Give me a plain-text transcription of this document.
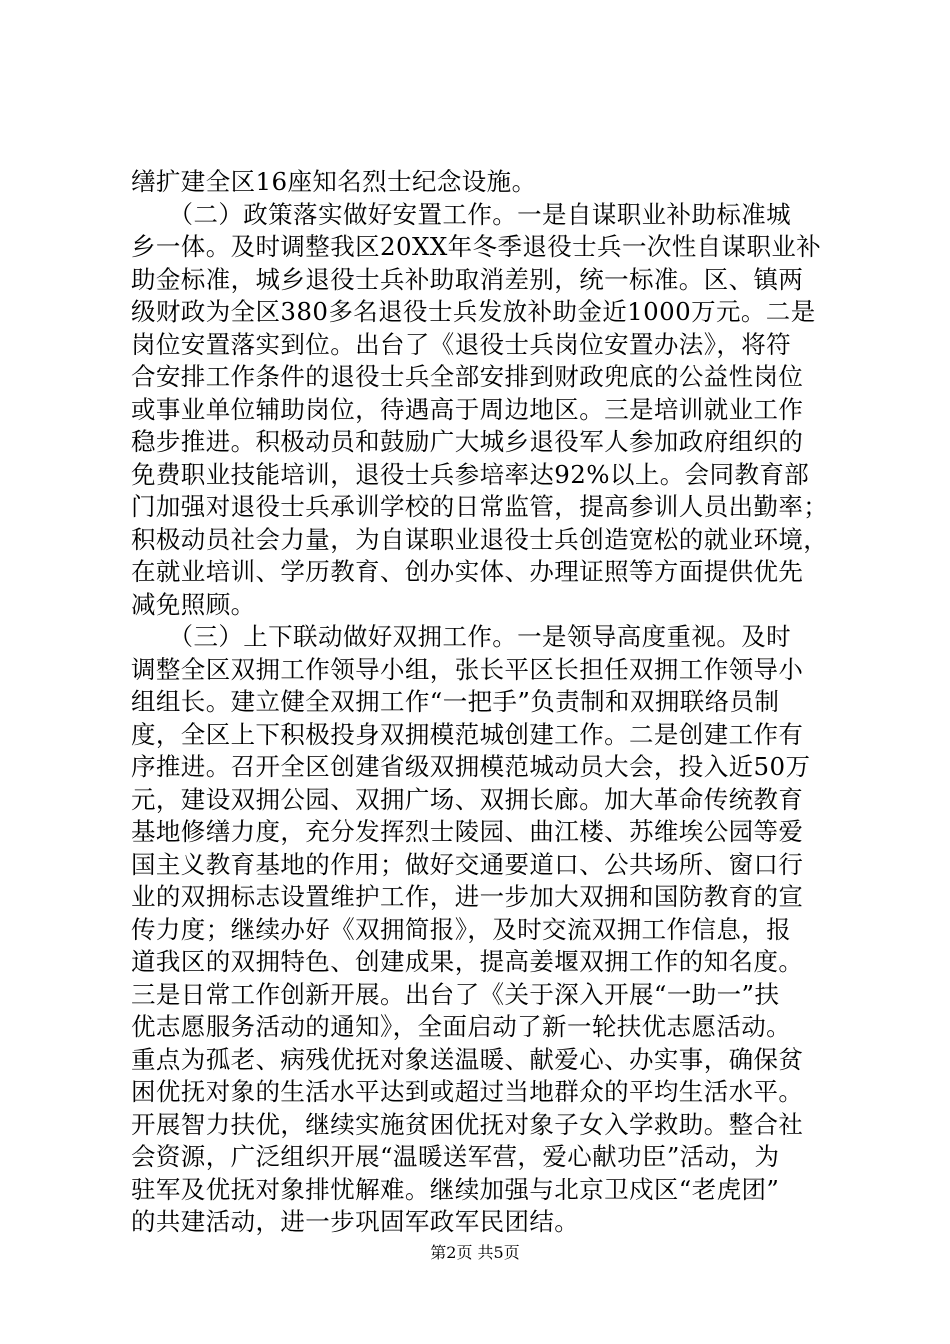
缮扩建全区16座知名烈士纪念设施。
　　（二）政策落实做好安置工作。一是自谋职业补助标准城
乡一体。及时调整我区20XX年冬季退役士兵一次性自谋职业补
助金标准，城乡退役士兵补助取消差别，统一标准。区、镇两
级财政为全区380多名退役士兵发放补助金近1000万元。二是
岗位安置落实到位。出台了《退役士兵岗位安置办法》，将符
合安排工作条件的退役士兵全部安排到财政兜底的公益性岗位
或事业单位辅助岗位，待遇高于周边地区。三是培训就业工作
稳步推进。积极动员和鼓励广大城乡退役军人参加政府组织的
免费职业技能培训，退役士兵参培率达92%以上。会同教育部
门加强对退役士兵承训学校的日常监管，提高参训人员出勤率；
积极动员社会力量，为自谋职业退役士兵创造宽松的就业环境，
在就业培训、学历教育、创办实体、办理证照等方面提供优先
减免照顾。
　　（三）上下联动做好双拥工作。一是领导高度重视。及时
调整全区双拥工作领导小组，张长平区长担任双拥工作领导小
组组长。建立健全双拥工作“一把手”负责制和双拥联络员制
度，全区上下积极投身双拥模范城创建工作。二是创建工作有
序推进。召开全区创建省级双拥模范城动员大会，投入近50万
元，建设双拥公园、双拥广场、双拥长廊。加大革命传统教育
基地修缮力度，充分发挥烈士陵园、曲江楼、苏维埃公园等爱
国主义教育基地的作用；做好交通要道口、公共场所、窗口行
业的双拥标志设置维护工作，进一步加大双拥和国防教育的宣
传力度；继续办好《双拥简报》，及时交流双拥工作信息，报
道我区的双拥特色、创建成果，提高姜堰双拥工作的知名度。
三是日常工作创新开展。出台了《关于深入开展“一助一”扶
优志愿服务活动的通知》，全面启动了新一轮扶优志愿活动。
重点为孤老、病残优抚对象送温暖、献爱心、办实事，确保贫
困优抚对象的生活水平达到或超过当地群众的平均生活水平。
开展智力扶优，继续实施贫困优抚对象子女入学救助。整合社
会资源，广泛组织开展“温暖送军营，爱心献功臣”活动，为
驻军及优抚对象排忧解难。继续加强与北京卫戍区“老虎团”
的共建活动，进一步巩固军政军民团结。
第2页 共5页
